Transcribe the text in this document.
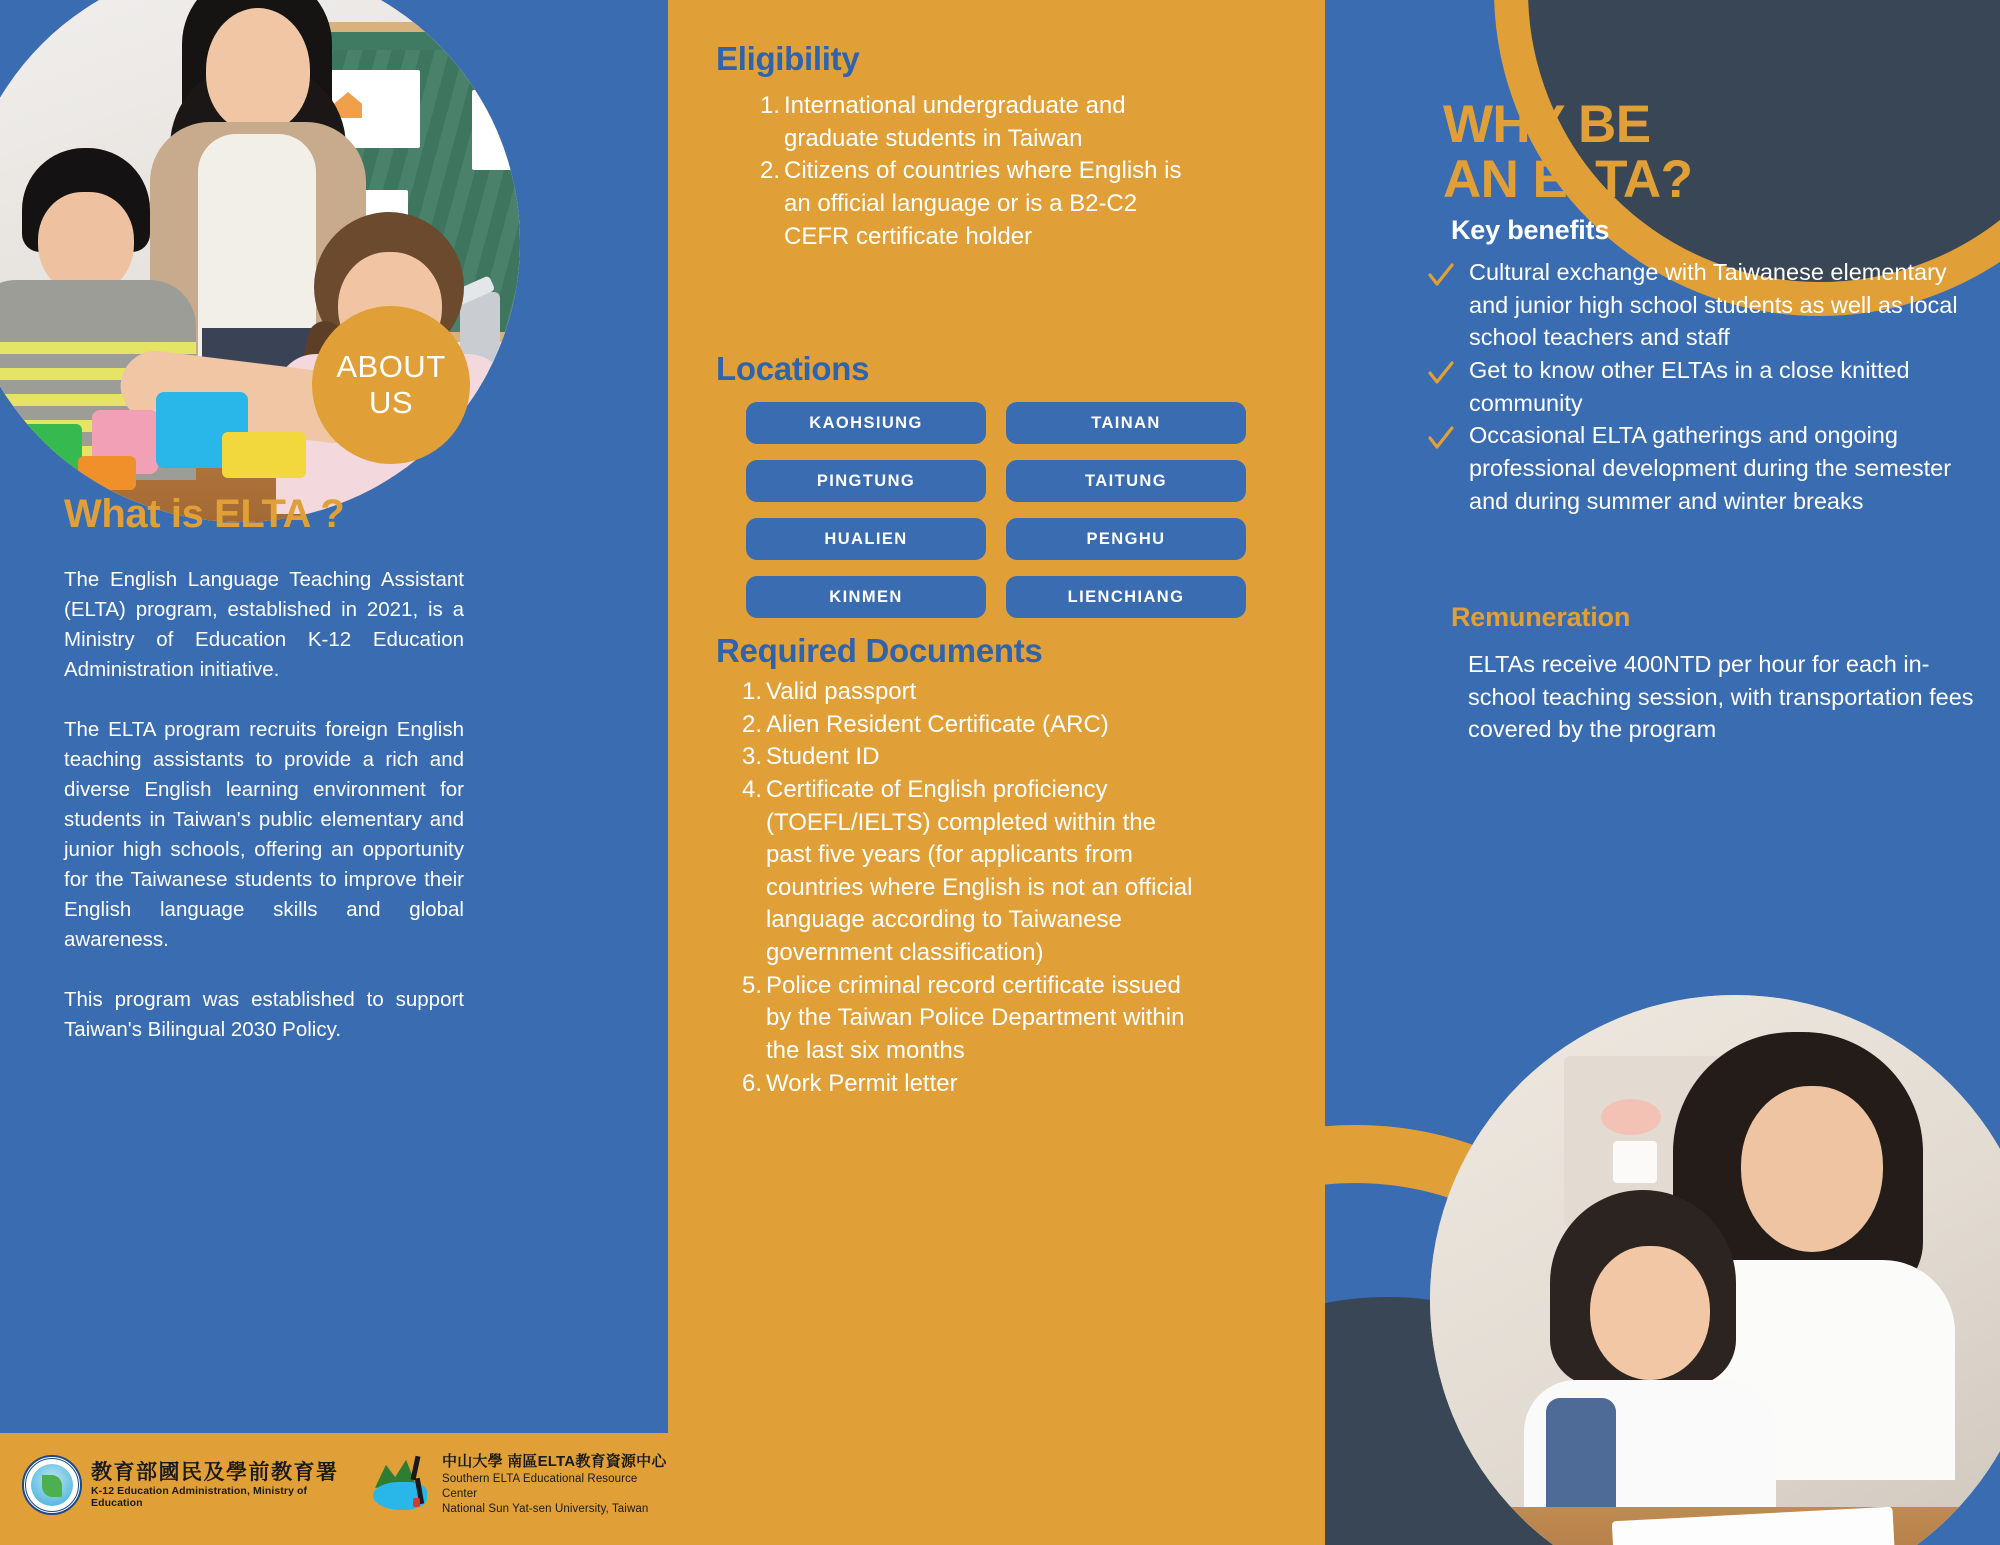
ABOUT
US
What is ELTA ?

The English Language Teaching Assistant (ELTA) program, established in 2021, is a Ministry of Education K-12 Education Administration initiative.

The ELTA program recruits foreign English teaching assistants to provide a rich and diverse English learning environment for students in Taiwan's public elementary and junior high schools, offering an opportunity for the Taiwanese students to improve their English language skills and global awareness.

This program was established to support Taiwan's Bilingual 2030 Policy.

教育部國民及學前教育署
K-12 Education Administration, Ministry of Education
中山大學 南區ELTA教育資源中心
Southern ELTA Educational Resource Center
National Sun Yat-sen University, Taiwan
Eligibility
1. International undergraduate and graduate students in Taiwan
2. Citizens of countries where English is an official language or is a B2-C2 CEFR certificate holder
Locations
KAOHSIUNG	TAINAN
PINGTUNG	TAITUNG
HUALIEN	PENGHU
KINMEN	LIENCHIANG
Required Documents
1. Valid passport
2. Alien Resident Certificate (ARC)
3. Student ID
4. Certificate of English proficiency (TOEFL/IELTS) completed within the past five years (for applicants from countries where English is not an official language according to Taiwanese government classification)
5. Police criminal record certificate issued by the Taiwan Police Department within the last six months
6. Work Permit letter
WHY BE
AN ELTA?
Key benefits
Cultural exchange with Taiwanese elementary and junior high school students as well as local school teachers and staff
Get to know other ELTAs in a close knitted community
Occasional ELTA gatherings and ongoing professional development during the semester and during summer and winter breaks
Remuneration
ELTAs receive 400NTD per hour for each in-school teaching session, with transportation fees covered by the program
